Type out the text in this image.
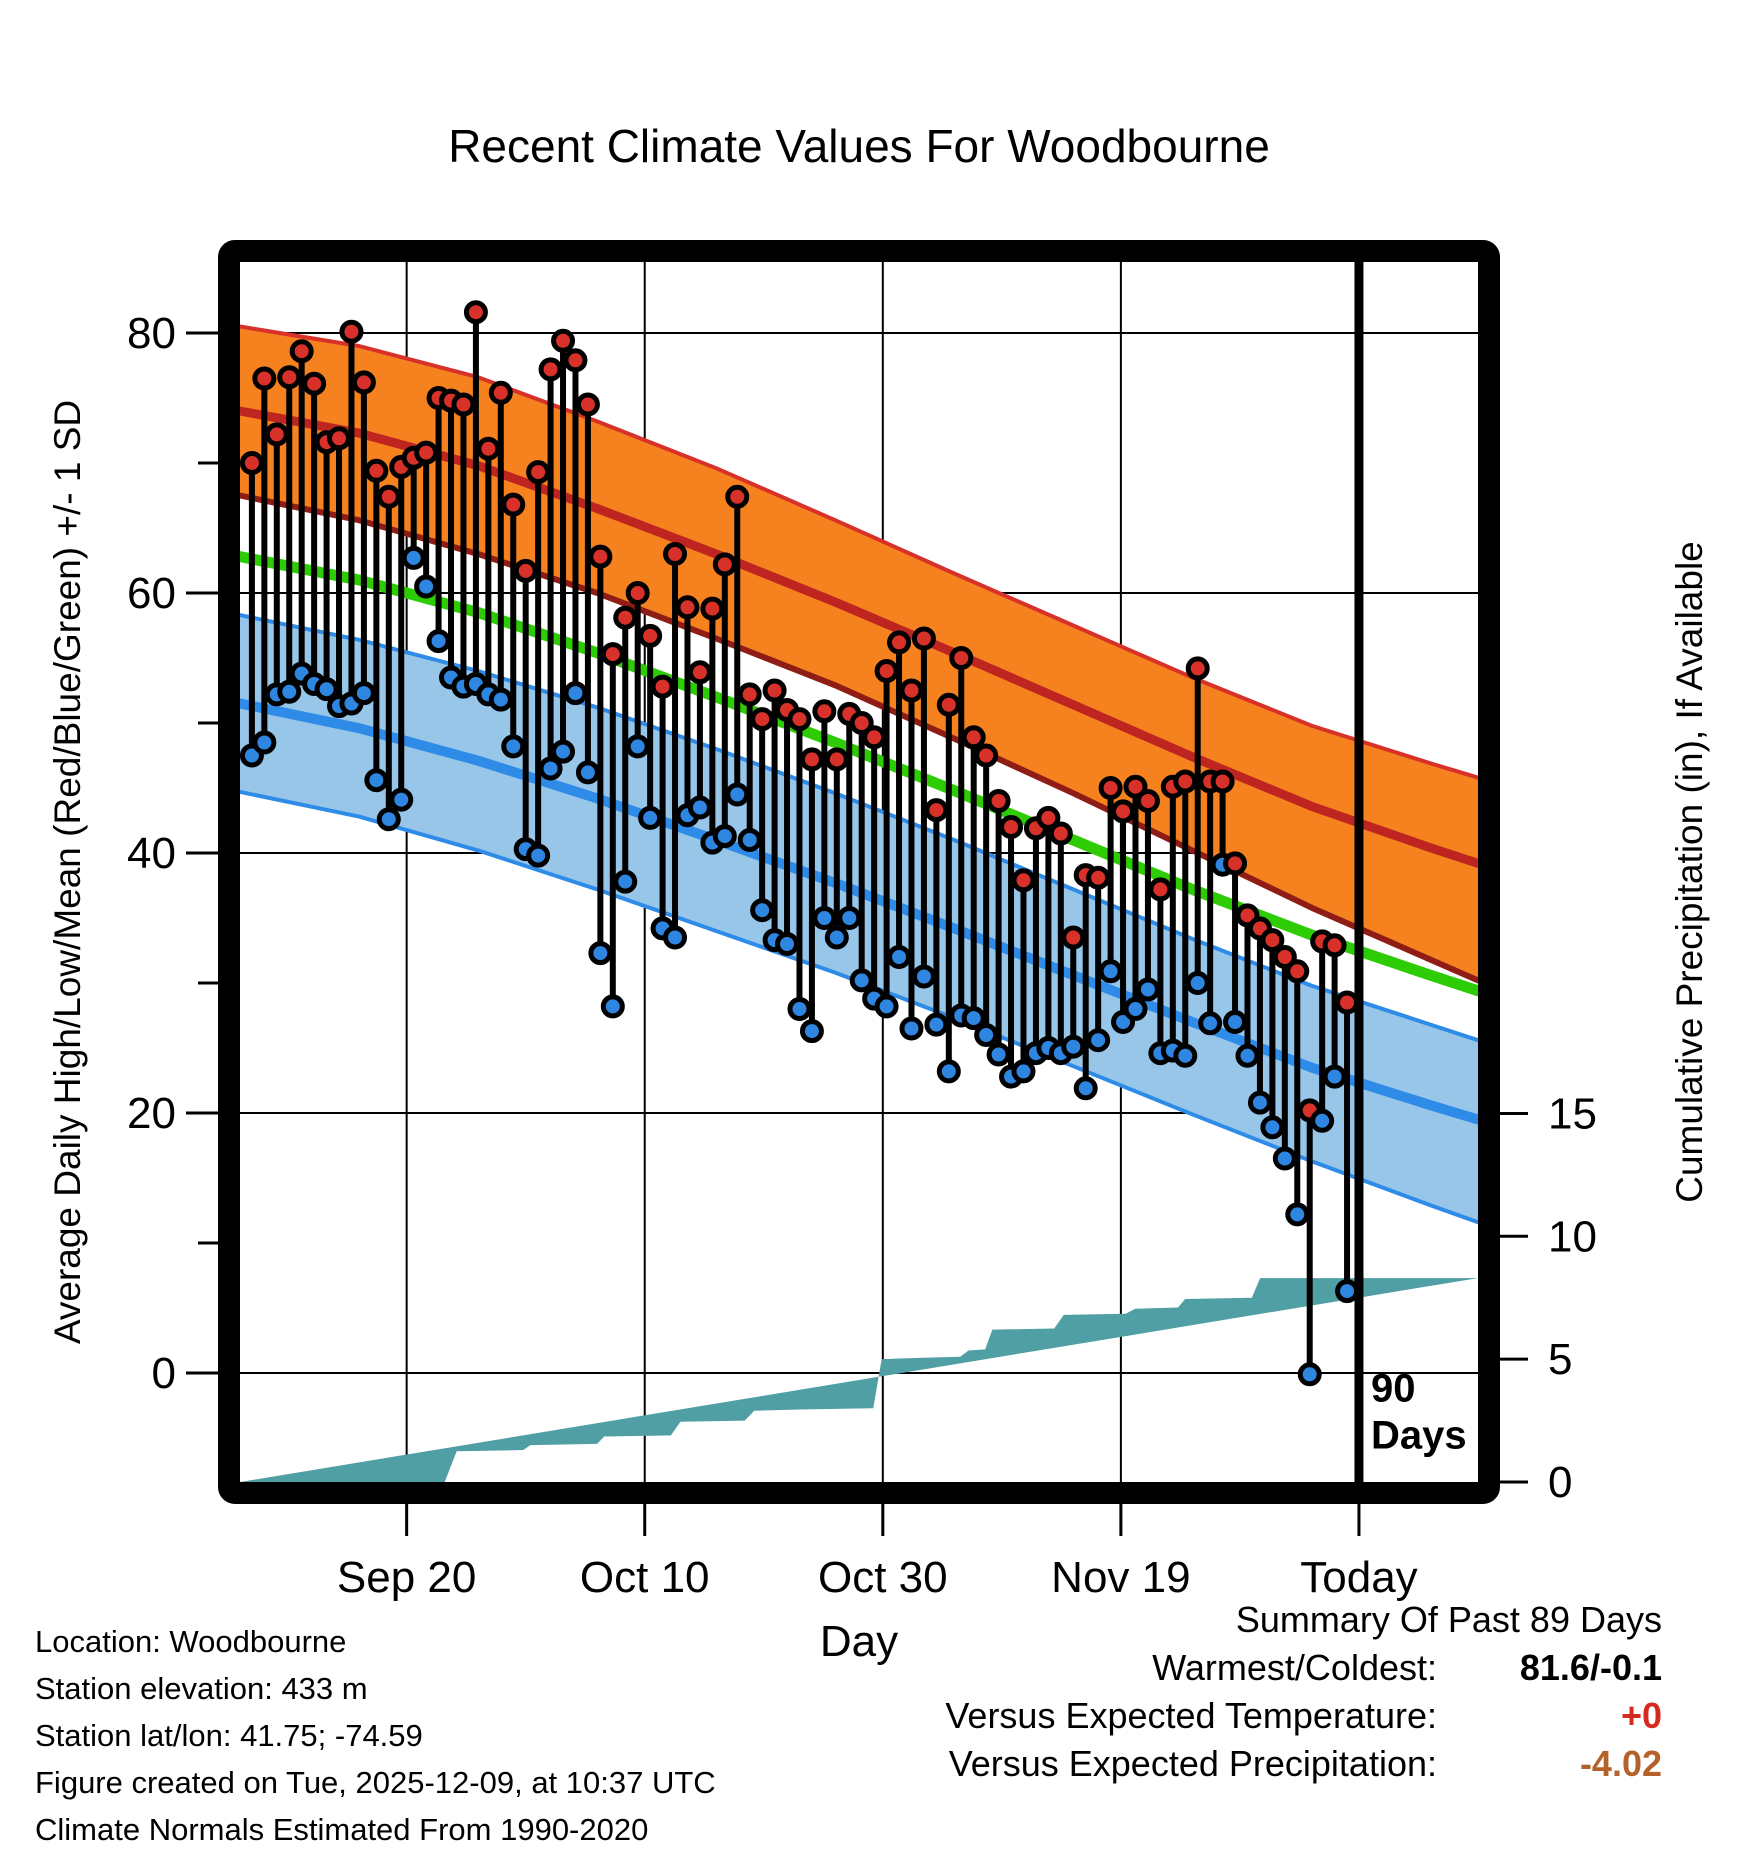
90
Days
80
60
40
20
0
15
10
5
0
Sep 20 Oct 10 Oct 30 Nov 19 Today
Recent Climate Values For Woodbourne
Day
Average Daily High/Low/Mean (Red/Blue/Green) +/- 1 SD	Cumulative Precipitation (in), If Available
Location: Woodbourne
Station elevation: 433 m
Station lat/lon: 41.75; -74.59
Figure created on Tue, 2025-12-09, at 10:37 UTC
Climate Normals Estimated From 1990-2020
Summary Of Past 89 Days
Warmest/Coldest:	81.6/-0.1
Versus Expected Temperature:	+0
Versus Expected Precipitation:	-4.02
